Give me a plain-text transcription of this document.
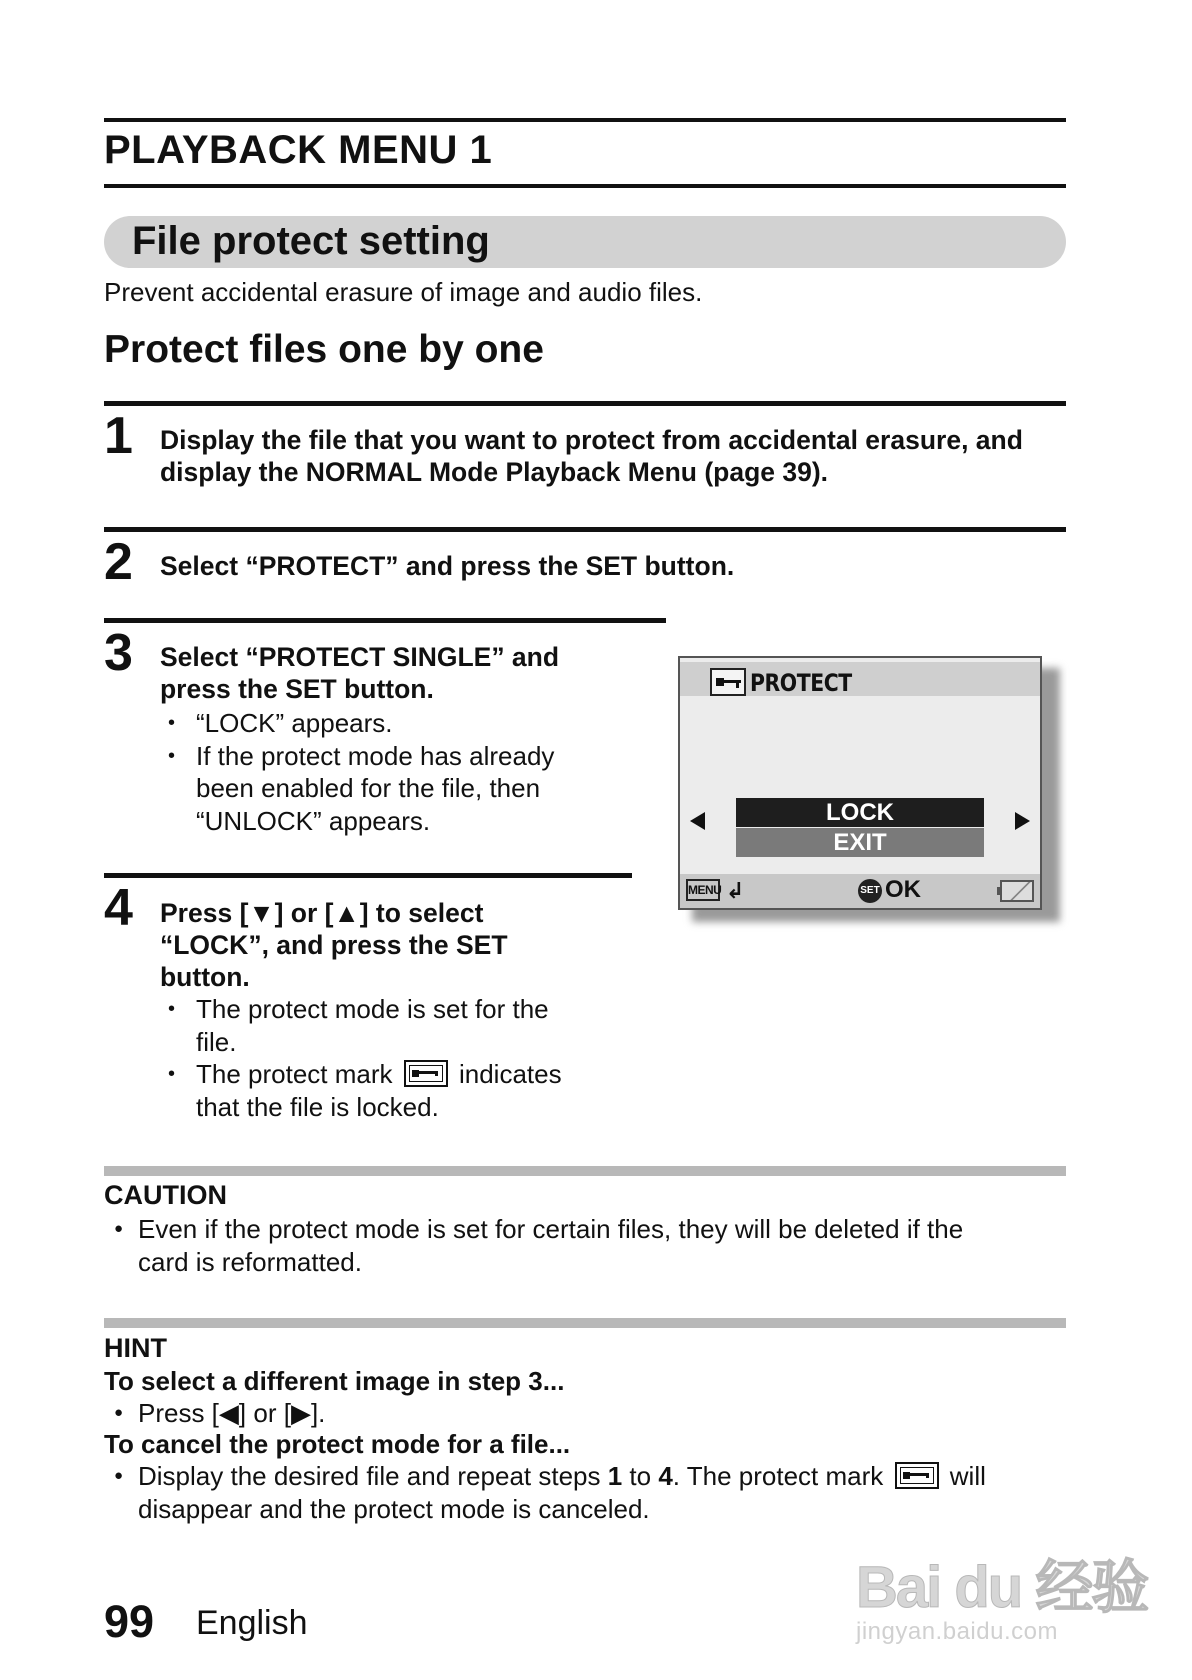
PLAYBACK MENU 1
File protect setting
Prevent accidental erasure of image and audio files.
Protect files one by one
1 Display the file that you want to protect from accidental erasure, and
display the NORMAL Mode Playback Menu (page 39).
2 Select “PROTECT” and press the SET button.
3 Select “PROTECT SINGLE” and
press the SET button.
• “LOCK” appears.
• If the protect mode has already
been enabled for the file, then
“UNLOCK” appears.
4 Press [▼] or [▲] to select
“LOCK”, and press the SET
button.
• The protect mode is set for the
file.
• The protect mark	indicates
that the file is locked.
PROTECT
LOCK
EXIT
MENU ↲	SET OK
CAUTION
● Even if the protect mode is set for certain files, they will be deleted if the
card is reformatted.
HINT
To select a different image in step 3...
● Press [◀] or [▶].
To cancel the protect mode for a file...
● Display the desired file and repeat steps 1 to 4. The protect mark	will
disappear and the protect mode is canceled.
99 English
Bai du 经验
jingyan.baidu.com
